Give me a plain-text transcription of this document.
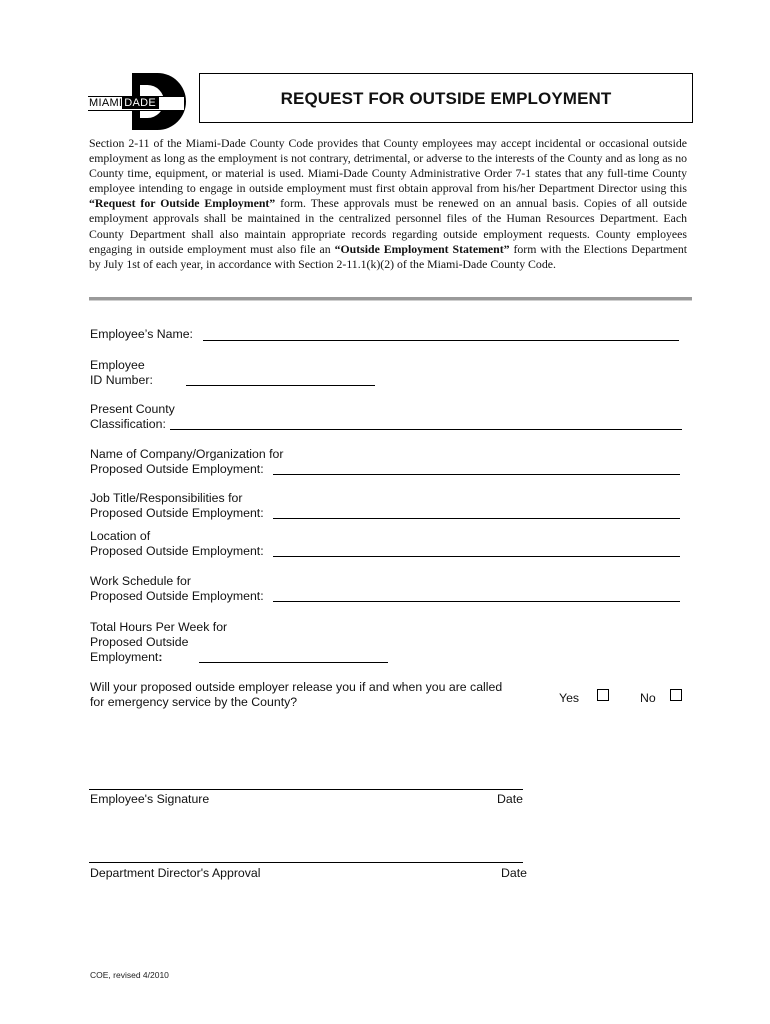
MIAMI DADE	REQUEST FOR OUTSIDE EMPLOYMENT
Section 2-11 of the Miami-Dade County Code provides that County employees may accept incidental or occasional outside employment as long as the employment is not contrary, detrimental, or adverse to the interests of the County and as long as no County time, equipment, or material is used. Miami-Dade County Administrative Order 7-1 states that any full-time County employee intending to engage in outside employment must first obtain approval from his/her Department Director using this “Request for Outside Employment” form. These approvals must be renewed on an annual basis. Copies of all outside employment approvals shall be maintained in the centralized personnel files of the Human Resources Department. Each County Department shall also maintain appropriate records regarding outside employment requests. County employees engaging in outside employment must also file an “Outside Employment Statement” form with the Elections Department by July 1st of each year, in accordance with Section 2-11.1(k)(2) of the Miami-Dade County Code.
Employee’s Name:
Employee
ID Number:
Present County
Classification:
Name of Company/Organization for
Proposed Outside Employment:
Job Title/Responsibilities for
Proposed Outside Employment:
Location of
Proposed Outside Employment:
Work Schedule for
Proposed Outside Employment:
Total Hours Per Week for
Proposed Outside
Employment:
Will your proposed outside employer release you if and when you are called
for emergency service by the County?	Yes	No
Employee's Signature	Date
Department Director's Approval	Date
COE, revised 4/2010
